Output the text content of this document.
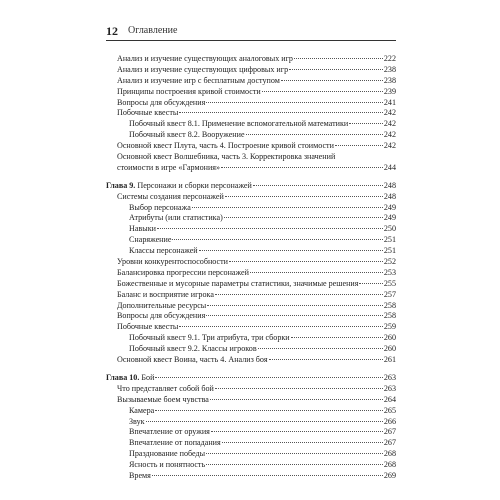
12 Оглавление
Анализ и изучение существующих аналоговых игр	222
Анализ и изучение существующих цифровых игр	238
Анализ и изучение игр с бесплатным доступом	238
Принципы построения кривой стоимости	239
Вопросы для обсуждения	241
Побочные квесты	242
Побочный квест 8.1. Применение вспомогательной математики	242
Побочный квест 8.2. Вооружение	242
Основной квест Плута, часть 4. Построение кривой стоимости	242
Основной квест Волшебника, часть 3. Корректировка значений
стоимости в игре «Гармония»	244
Глава 9. Персонажи и сборки персонажей	248
Системы создания персонажей	248
Выбор персонажа	249
Атрибуты (или статистика)	249
Навыки	250
Снаряжение	251
Классы персонажей	251
Уровни конкурентоспособности	252
Балансировка прогрессии персонажей	253
Божественные и мусорные параметры статистики, значимые решения	255
Баланс и восприятие игрока	257
Дополнительные ресурсы	258
Вопросы для обсуждения	258
Побочные квесты	259
Побочный квест 9.1. Три атрибута, три сборки	260
Побочный квест 9.2. Классы игроков	260
Основной квест Воина, часть 4. Анализ боя	261
Глава 10. Бой	263
Что представляет собой бой	263
Вызываемые боем чувства	264
Камера	265
Звук	266
Впечатление от оружия	267
Впечатление от попадания	267
Празднование победы	268
Ясность и понятность	268
Время	269
